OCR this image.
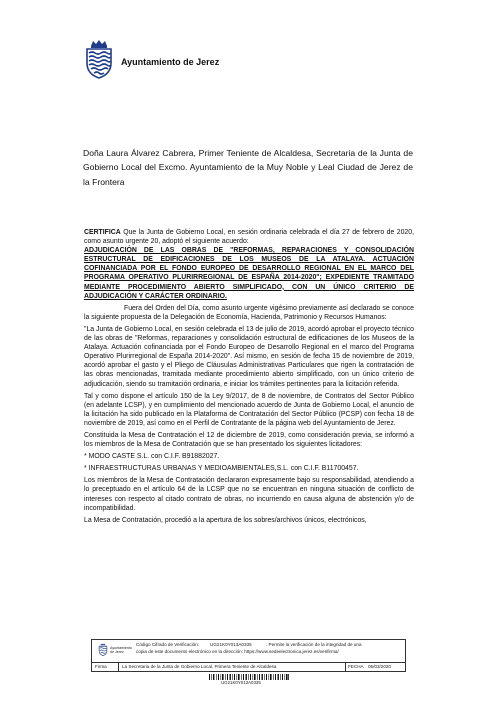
Ayuntamiento de Jerez
Doña Laura Álvarez Cabrera, Primer Teniente de Alcaldesa, Secretaria de la Junta de Gobierno Local del Excmo. Ayuntamiento de la Muy Noble y Leal Ciudad de Jerez de la Frontera

CERTIFICA Que la Junta de Gobierno Local, en sesión ordinaria celebrada el día 27 de febrero de 2020, como asunto urgente 20, adoptó el siguiente acuerdo:

ADJUDICACIÓN DE LAS OBRAS DE "REFORMAS, REPARACIONES Y CONSOLIDACIÓN ESTRUCTURAL DE EDIFICACIONES DE LOS MUSEOS DE LA ATALAYA. ACTUACIÓN COFINANCIADA POR EL FONDO EUROPEO DE DESARROLLO REGIONAL EN EL MARCO DEL PROGRAMA OPERATIVO PLURIRREGIONAL DE ESPAÑA 2014-2020"; EXPEDIENTE TRAMITADO MEDIANTE PROCEDIMIENTO ABIERTO SIMPLIFICADO, CON UN ÚNICO CRITERIO DE ADJUDICACIÓN Y CARÁCTER ORDINARIO.

Fuera del Orden del Día, como asunto urgente vigésimo previamente así declarado se conoce la siguiente propuesta de la Delegación de Economía, Hacienda, Patrimonio y Recursos Humanos:

"La Junta de Gobierno Local, en sesión celebrada el 13 de julio de 2019, acordó aprobar el proyecto técnico de las obras de "Reformas, reparaciones y consolidación estructural de edificaciones de los Museos de la Atalaya. Actuación cofinanciada por el Fondo Europeo de Desarrollo Regional en el marco del Programa Operativo Plurirregional de España 2014-2020". Así mismo, en sesión de fecha 15 de noviembre de 2019, acordó aprobar el gasto y el Pliego de Cláusulas Administrativas Particulares que rigen la contratación de las obras mencionadas, tramitada mediante procedimiento abierto simplificado, con un único criterio de adjudicación, siendo su tramitación ordinaria, e iniciar los trámites pertinentes para la licitación referida.

Tal y como dispone el artículo 150 de la Ley 9/2017, de 8 de noviembre, de Contratos del Sector Público (en adelante LCSP), y en cumplimiento del mencionado acuerdo de Junta de Gobierno Local, el anuncio de la licitación ha sido publicado en la Plataforma de Contratación del Sector Público (PCSP) con fecha 18 de noviembre de 2019, así como en el Perfil de Contratante de la página web del Ayuntamiento de Jerez.

Constituida la Mesa de Contratación el 12 de diciembre de 2019, como consideración previa, se informó a los miembros de la Mesa de Contratación que se han presentado los siguientes licitadores:

* MODO CASTE S.L. con C.I.F. B91882027.

* INFRAESTRUCTURAS URBANAS Y MEDIOAMBIENTALES,S.L. con C.I.F. B11700457.

Los miembros de la Mesa de Contratación declararon expresamente bajo su responsabilidad, atendiendo a lo preceptuado en el artículo 64 de la LCSP que no se encuentran en ninguna situación de conflicto de intereses con respecto al citado contrato de obras, no incurriendo en causa alguna de abstención y/o de incompatibilidad.

La Mesa de Contratación, procedió a la apertura de los sobres/archivos únicos, electrónicos,

Ayuntamiento de Jerez
Código Cifrado de Verificación: UG21K0Y013A0335	. Permite la verificación de la integridad de una
copia de este documento electrónico en la dirección: https://www.sedeelectronica.jerez.es/verifirma/
Firma	La Secretaria de la Junta de Gobierno Local, Primera Teniente de Alcaldesa	FECHA 05/03/2020
UG21K0Y013A0335
